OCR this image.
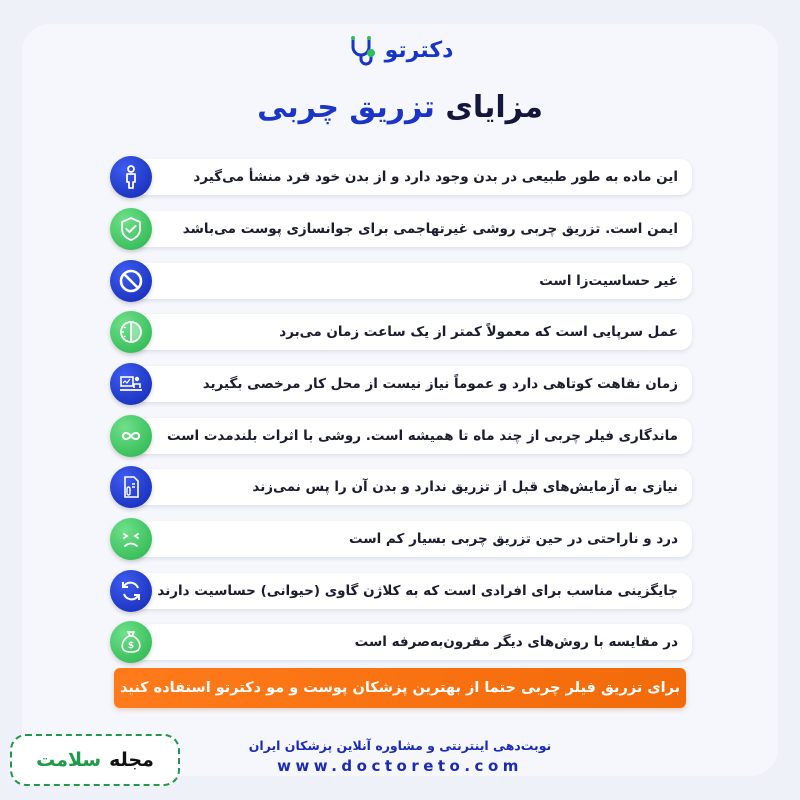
دکترتو
مزایای تزریق چربی
این ماده به طور طبیعی در بدن وجود دارد و از بدن خود فرد منشأ می‌گیرد
ایمن است. تزریق چربی روشی غیرتهاجمی برای جوانسازی پوست می‌باشد
غیر حساسیت‌زا است
عمل سرپایی است که معمولاً کمتر از یک ساعت زمان می‌برد
زمان نقاهت کوتاهی دارد و عموماً نیاز نیست از محل کار مرخصی بگیرید
ماندگاری فیلر چربی از چند ماه تا همیشه است. روشی با اثرات بلندمدت است
نیازی به آزمایش‌های قبل از تزریق ندارد و بدن آن را پس نمی‌زند
درد و ناراحتی در حین تزریق چربی بسیار کم است
جایگزینی مناسب برای افرادی است که به کلاژن گاوی (حیوانی) حساسیت دارند
در مقایسه با روش‌های دیگر مقرون‌به‌صرفه است
$
برای تزریق فیلر چربی حتما از بهترین پزشکان پوست و مو دکترتو استفاده کنید
نوبت‌دهی اینترنتی و مشاوره آنلاین پزشکان ایران
www.doctoreto.com
مجله
سلامت
